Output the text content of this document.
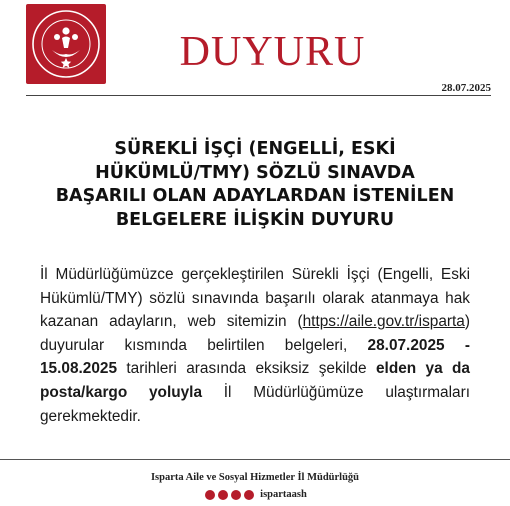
DUYURU
28.07.2025
SÜREKLİ İŞÇİ (ENGELLİ, ESKİ
HÜKÜMLÜ/TMY) SÖZLÜ SINAVDA
BAŞARILI OLAN ADAYLARDAN İSTENİLEN
BELGELERE İLİŞKİN DUYURU
İl Müdürlüğümüzce gerçekleştirilen Sürekli İşçi (Engelli, Eski Hükümlü/TMY) sözlü sınavında başarılı olarak atanmaya hak kazanan adayların, web sitemizin (https://aile.gov.tr/isparta) duyurular kısmında belirtilen belgeleri, 28.07.2025 - 15.08.2025 tarihleri arasında eksiksiz şekilde elden ya da posta/kargo yoluyla İl Müdürlüğümüze ulaştırmaları gerekmektedir.
Isparta Aile ve Sosyal Hizmetler İl Müdürlüğü
ispartaash
